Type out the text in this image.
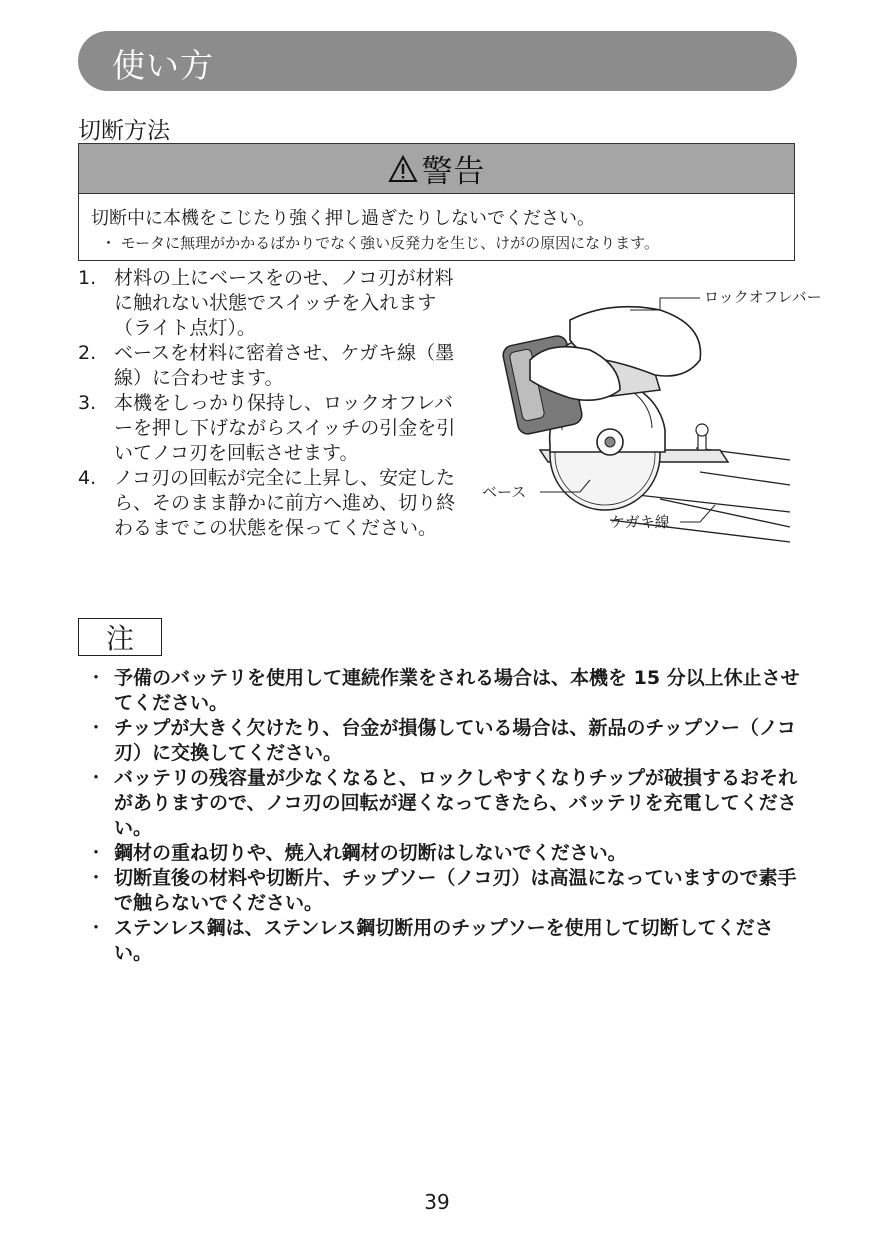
使い方
切断方法
警告
切断中に本機をこじたり強く押し過ぎたりしないでください。
・ モータに無理がかかるばかりでなく強い反発力を生じ、けがの原因になります。
1. 材料の上にベースをのせ、ノコ刃が材料に触れない状態でスイッチを入れます（ライト点灯）。
2. ベースを材料に密着させ、ケガキ線（墨線）に合わせます。
3. 本機をしっかり保持し、ロックオフレバーを押し下げながらスイッチの引金を引いてノコ刃を回転させます。
4. ノコ刃の回転が完全に上昇し、安定したら、そのまま静かに前方へ進め、切り終わるまでこの状態を保ってください。
ロックオフレバー
ベース
ケガキ線
注
・ 予備のバッテリを使用して連続作業をされる場合は、本機を 15 分以上休止させてください。
・ チップが大きく欠けたり、台金が損傷している場合は、新品のチップソー（ノコ刃）に交換してください。
・ バッテリの残容量が少なくなると、ロックしやすくなりチップが破損するおそれがありますので、ノコ刃の回転が遅くなってきたら、バッテリを充電してください。
・ 鋼材の重ね切りや、焼入れ鋼材の切断はしないでください。
・ 切断直後の材料や切断片、チップソー（ノコ刃）は高温になっていますので素手で触らないでください。
・ ステンレス鋼は、ステンレス鋼切断用のチップソーを使用して切断してください。
39
